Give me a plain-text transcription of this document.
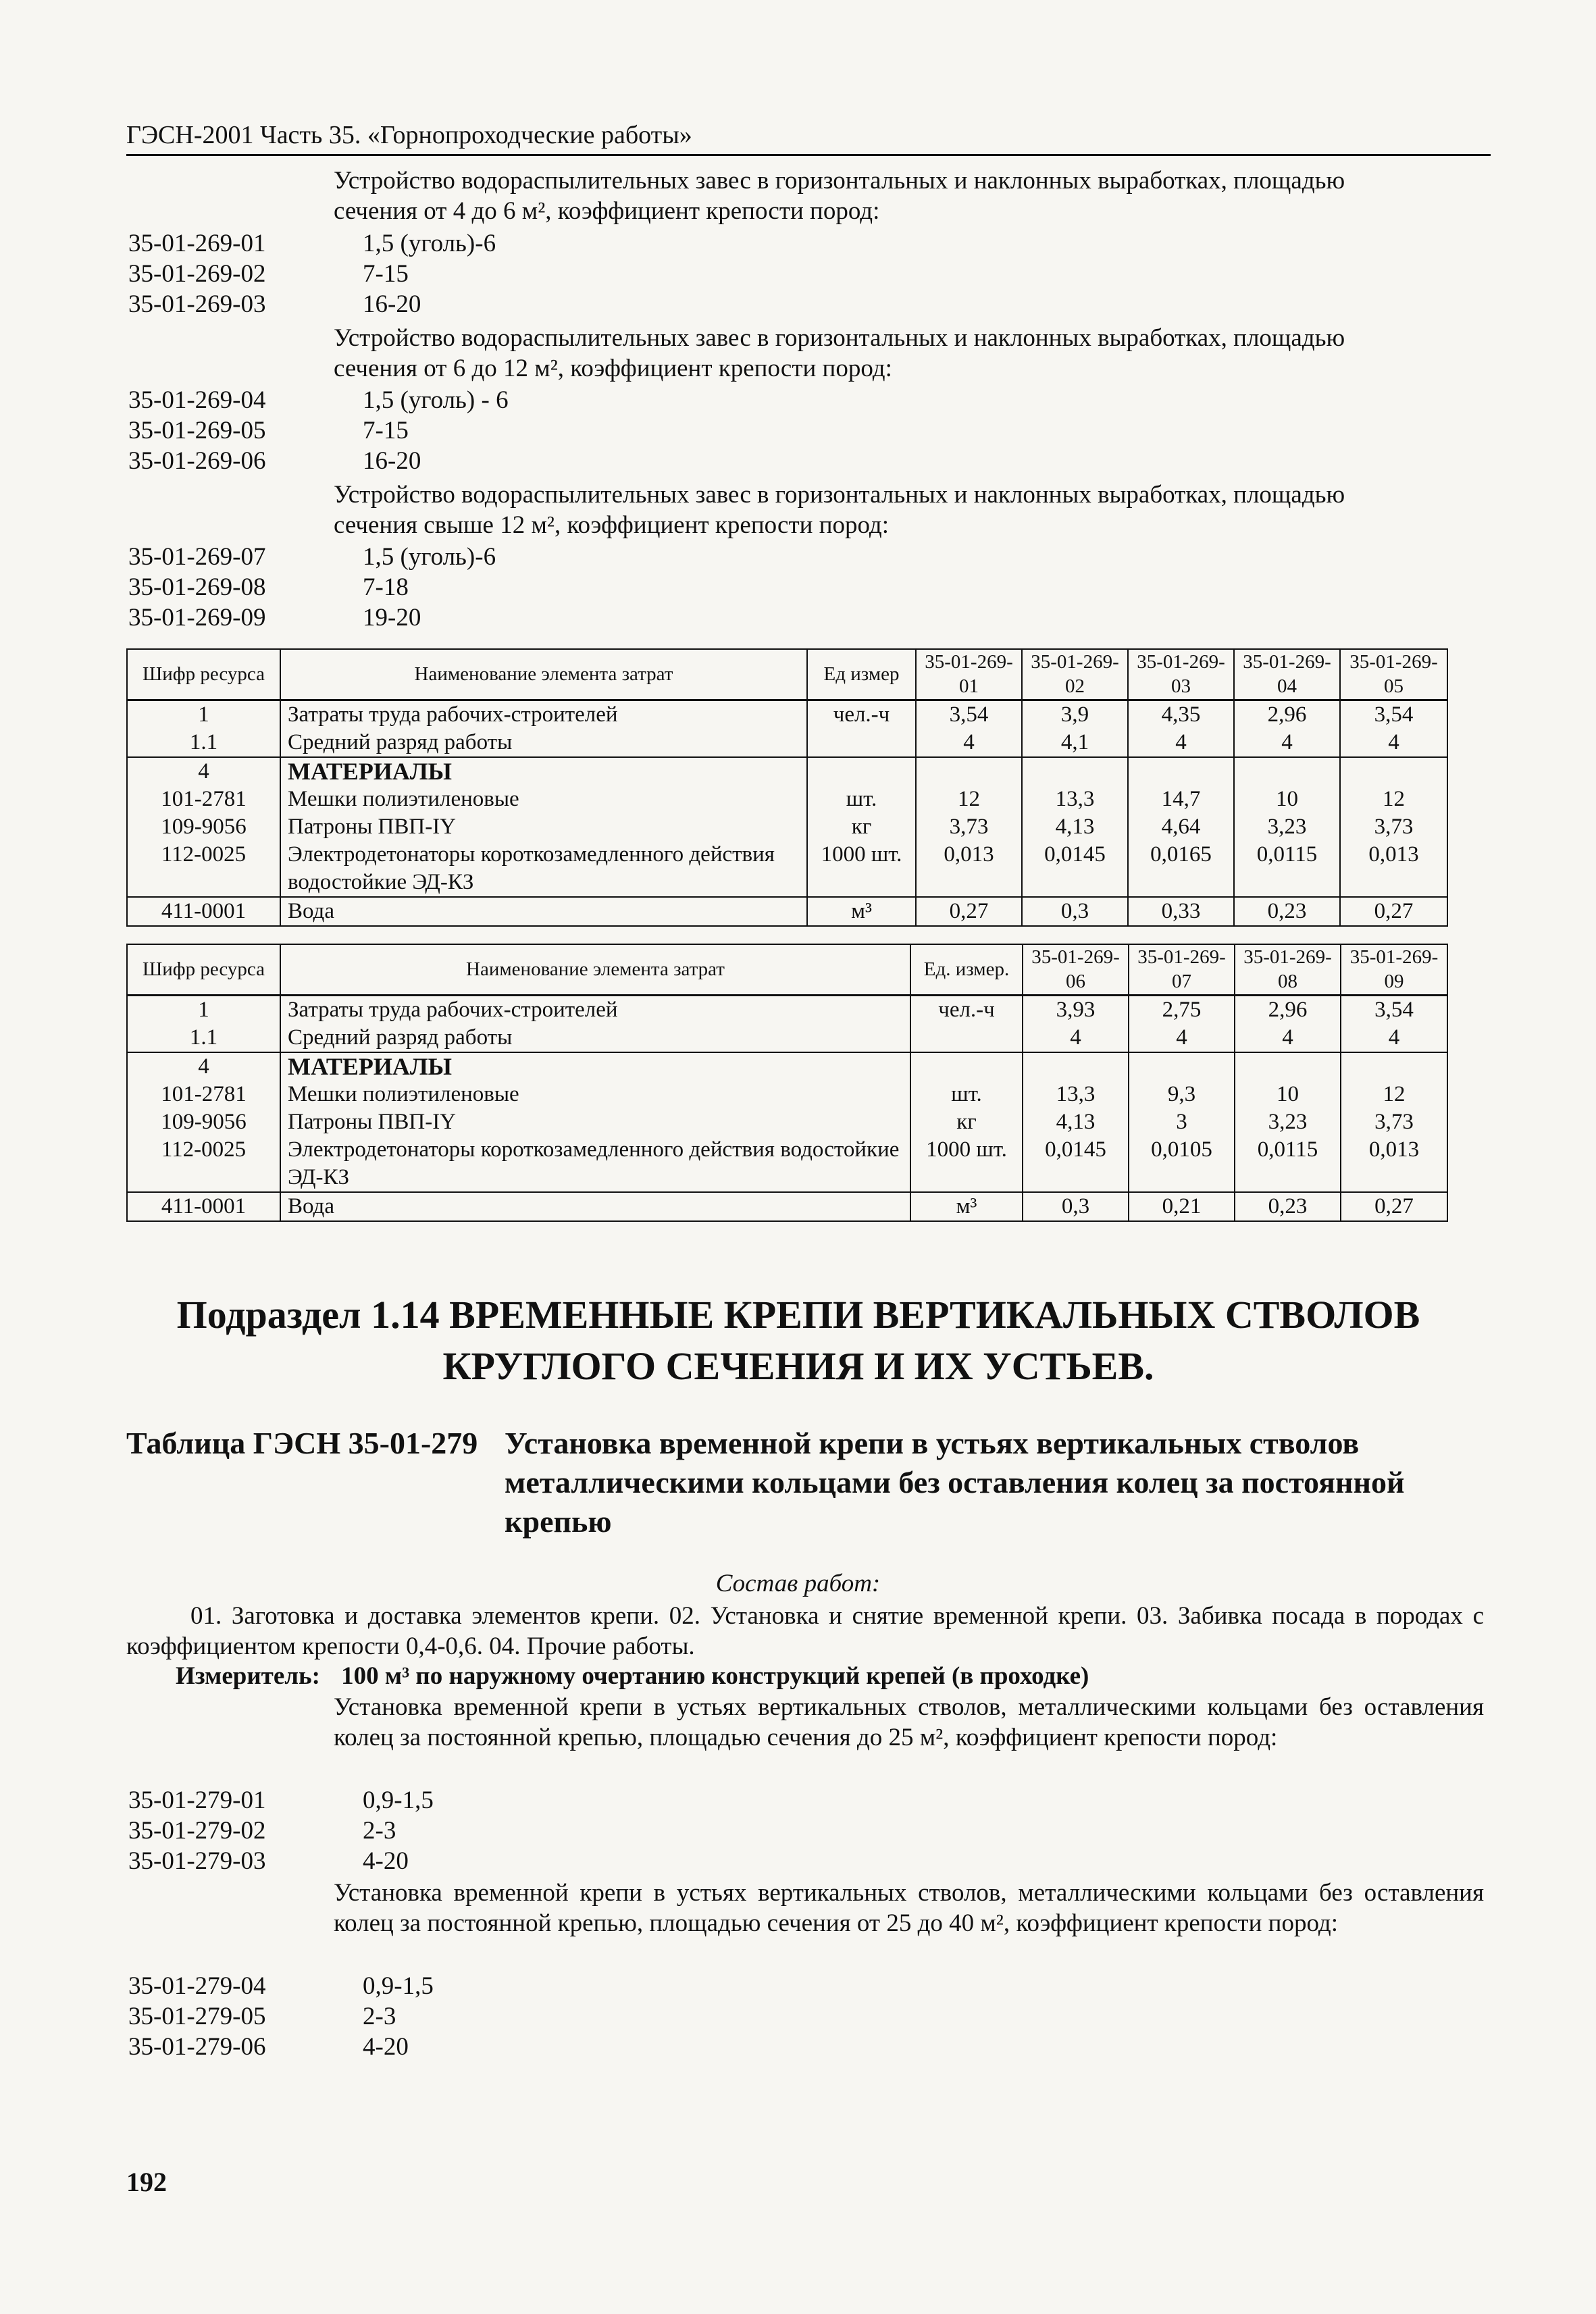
ГЭСН-2001 Часть 35. «Горнопроходческие работы»
Устройство водораспылительных завес в горизонтальных и наклонных выработках, площадью
сечения от 4 до 6 м², коэффициент крепости пород:
35-01-269-01	1,5 (уголь)-6
35-01-269-02	7-15
35-01-269-03	16-20
Устройство водораспылительных завес в горизонтальных и наклонных выработках, площадью
сечения от 6 до 12 м², коэффициент крепости пород:
35-01-269-04	1,5 (уголь) - 6
35-01-269-05	7-15
35-01-269-06	16-20
Устройство водораспылительных завес в горизонтальных и наклонных выработках, площадью
сечения свыше 12 м², коэффициент крепости пород:
35-01-269-07	1,5 (уголь)-6
35-01-269-08	7-18
35-01-269-09	19-20
Шифр ресурса	Наименование элемента затрат	Ед измер	35-01-269-01	35-01-269-02	35-01-269-03	35-01-269-04	35-01-269-05
1	Затраты труда рабочих-строителей	чел.-ч	3,54	3,9	4,35	2,96	3,54
1.1	Средний разряд работы		4	4,1	4	4	4
4	МАТЕРИАЛЫ						
101-2781	Мешки полиэтиленовые	шт.	12	13,3	14,7	10	12
109-9056	Патроны ПВП-IY	кг	3,73	4,13	4,64	3,23	3,73
112-0025	Электродетонаторы короткозамедленного действия водостойкие ЭД-КЗ	1000 шт.	0,013	0,0145	0,0165	0,0115	0,013
411-0001	Вода	м³	0,27	0,3	0,33	0,23	0,27
Шифр ресурса	Наименование элемента затрат	Ед. измер.	35-01-269-06	35-01-269-07	35-01-269-08	35-01-269-09
1	Затраты труда рабочих-строителей	чел.-ч	3,93	2,75	2,96	3,54
1.1	Средний разряд работы		4	4	4	4
4	МАТЕРИАЛЫ					
101-2781	Мешки полиэтиленовые	шт.	13,3	9,3	10	12
109-9056	Патроны ПВП-IY	кг	4,13	3	3,23	3,73
112-0025	Электродетонаторы короткозамедленного действия водостойкие ЭД-КЗ	1000 шт.	0,0145	0,0105	0,0115	0,013
411-0001	Вода	м³	0,3	0,21	0,23	0,27
Подраздел 1.14 ВРЕМЕННЫЕ КРЕПИ ВЕРТИКАЛЬНЫХ СТВОЛОВ
КРУГЛОГО СЕЧЕНИЯ И ИХ УСТЬЕВ.
Таблица ГЭСН 35-01-279 Установка временной крепи в устьях вертикальных стволов
металлическими кольцами без оставления колец за постоянной
крепью
Состав работ:
01. Заготовка и доставка элементов крепи. 02. Установка и снятие временной крепи. 03. Забивка посада в породах с коэффициентом крепости 0,4-0,6. 04. Прочие работы.
Измеритель: 100 м³ по наружному очертанию конструкций крепей (в проходке)
Установка временной крепи в устьях вертикальных стволов, металлическими кольцами без оставления колец за постоянной крепью, площадью сечения до 25 м², коэффициент крепости пород:
35-01-279-01	0,9-1,5
35-01-279-02	2-3
35-01-279-03	4-20
Установка временной крепи в устьях вертикальных стволов, металлическими кольцами без оставления колец за постоянной крепью, площадью сечения от 25 до 40 м², коэффициент крепости пород:
35-01-279-04	0,9-1,5
35-01-279-05	2-3
35-01-279-06	4-20
192
